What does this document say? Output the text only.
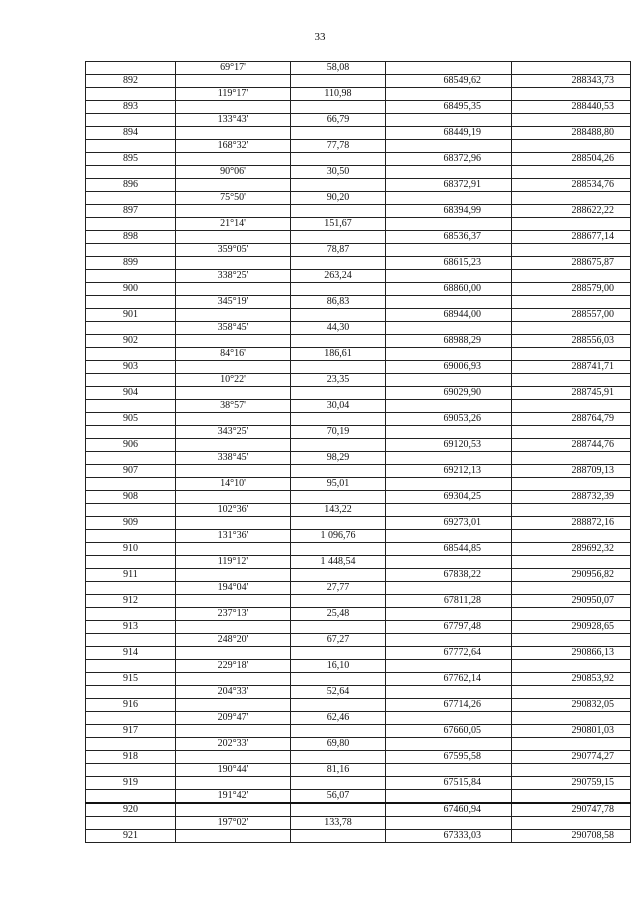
33
	69°17'	58,08		
892			68549,62	288343,73
	119°17'	110,98		
893			68495,35	288440,53
	133°43'	66,79		
894			68449,19	288488,80
	168°32'	77,78		
895			68372,96	288504,26
	90°06'	30,50		
896			68372,91	288534,76
	75°50'	90,20		
897			68394,99	288622,22
	21°14'	151,67		
898			68536,37	288677,14
	359°05'	78,87		
899			68615,23	288675,87
	338°25'	263,24		
900			68860,00	288579,00
	345°19'	86,83		
901			68944,00	288557,00
	358°45'	44,30		
902			68988,29	288556,03
	84°16'	186,61		
903			69006,93	288741,71
	10°22'	23,35		
904			69029,90	288745,91
	38°57'	30,04		
905			69053,26	288764,79
	343°25'	70,19		
906			69120,53	288744,76
	338°45'	98,29		
907			69212,13	288709,13
	14°10'	95,01		
908			69304,25	288732,39
	102°36'	143,22		
909			69273,01	288872,16
	131°36'	1 096,76		
910			68544,85	289692,32
	119°12'	1 448,54		
911			67838,22	290956,82
	194°04'	27,77		
912			67811,28	290950,07
	237°13'	25,48		
913			67797,48	290928,65
	248°20'	67,27		
914			67772,64	290866,13
	229°18'	16,10		
915			67762,14	290853,92
	204°33'	52,64		
916			67714,26	290832,05
	209°47'	62,46		
917			67660,05	290801,03
	202°33'	69,80		
918			67595,58	290774,27
	190°44'	81,16		
919			67515,84	290759,15
	191°42'	56,07		
920			67460,94	290747,78
	197°02'	133,78		
921			67333,03	290708,58
